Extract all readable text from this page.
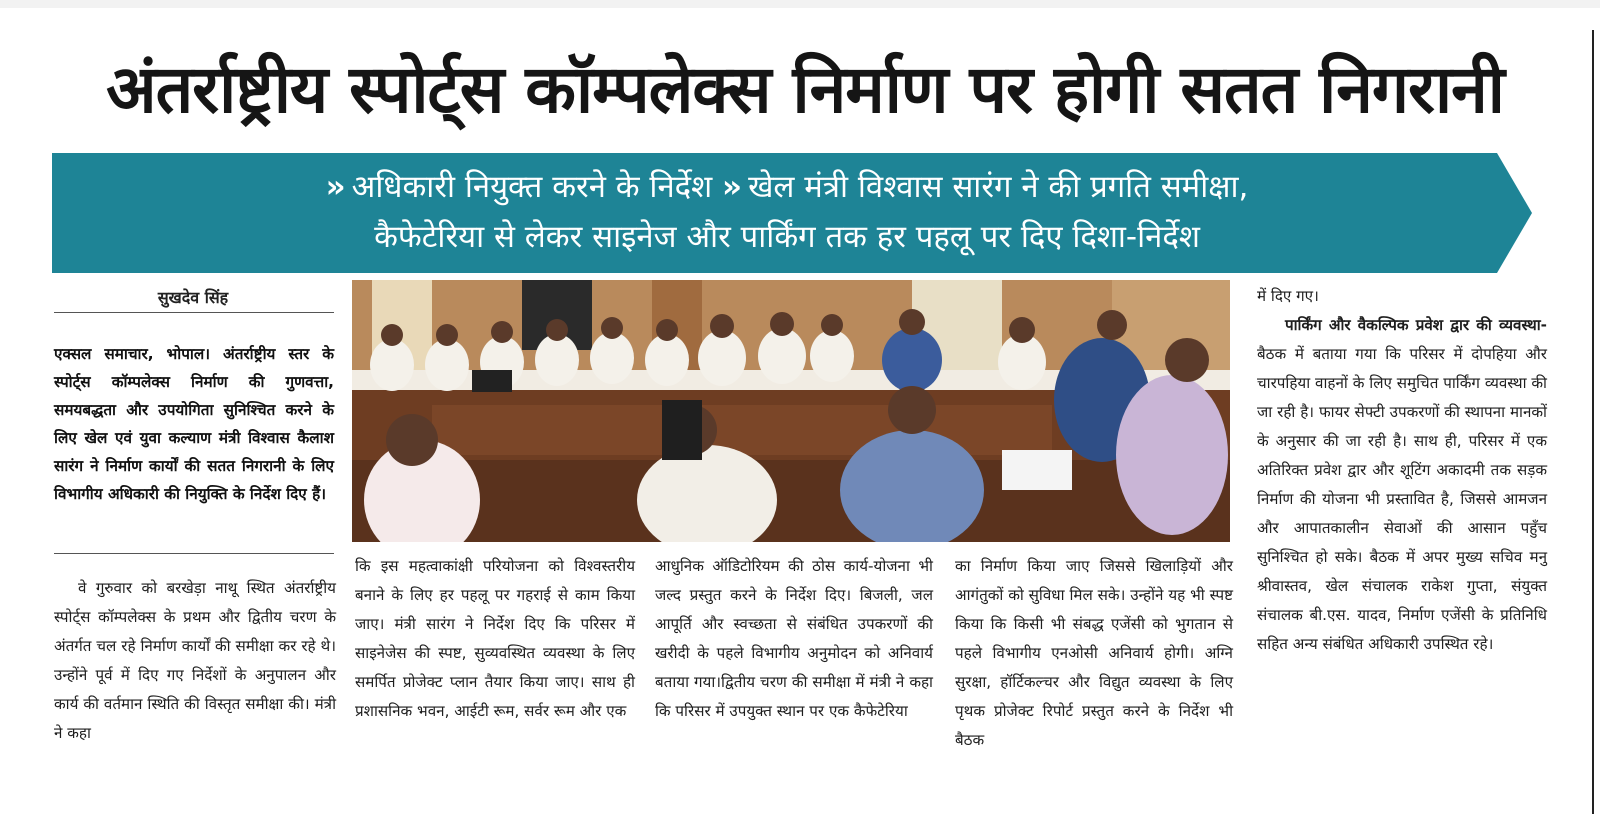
अंतर्राष्ट्रीय स्पोर्ट्स कॉम्पलेक्स निर्माण पर होगी सतत निगरानी
» अधिकारी नियुक्त करने के निर्देश » खेल मंत्री विश्वास सारंग ने की प्रगति समीक्षा,
कैफेटेरिया से लेकर साइनेज और पार्किंग तक हर पहलू पर दिए दिशा-निर्देश
सुखदेव सिंह
एक्सल समाचार, भोपाल। अंतर्राष्ट्रीय स्तर के स्पोर्ट्स कॉम्पलेक्स निर्माण की गुणवत्ता, समयबद्धता और उपयोगिता सुनिश्चित करने के लिए खेल एवं युवा कल्याण मंत्री विश्वास कैलाश सारंग ने निर्माण कार्यों की सतत निगरानी के लिए विभागीय अधिकारी की नियुक्ति के निर्देश दिए हैं।
वे गुरुवार को बरखेड़ा नाथू स्थित अंतर्राष्ट्रीय स्पोर्ट्स कॉम्पलेक्स के प्रथम और द्वितीय चरण के अंतर्गत चल रहे निर्माण कार्यों की समीक्षा कर रहे थे। उन्होंने पूर्व में दिए गए निर्देशों के अनुपालन और कार्य की वर्तमान स्थिति की विस्तृत समीक्षा की। मंत्री ने कहा
कि इस महत्वाकांक्षी परियोजना को विश्वस्तरीय बनाने के लिए हर पहलू पर गहराई से काम किया जाए। मंत्री सारंग ने निर्देश दिए कि परिसर में साइनेजेस की स्पष्ट, सुव्यवस्थित व्यवस्था के लिए समर्पित प्रोजेक्ट प्लान तैयार किया जाए। साथ ही प्रशासनिक भवन, आईटी रूम, सर्वर रूम और एक
आधुनिक ऑडिटोरियम की ठोस कार्य-योजना भी जल्द प्रस्तुत करने के निर्देश दिए। बिजली, जल आपूर्ति और स्वच्छता से संबंधित उपकरणों की खरीदी के पहले विभागीय अनुमोदन को अनिवार्य बताया गया।द्वितीय चरण की समीक्षा में मंत्री ने कहा कि परिसर में उपयुक्त स्थान पर एक कैफेटेरिया
का निर्माण किया जाए जिससे खिलाड़ियों और आगंतुकों को सुविधा मिल सके। उन्होंने यह भी स्पष्ट किया कि किसी भी संबद्ध एजेंसी को भुगतान से पहले विभागीय एनओसी अनिवार्य होगी। अग्नि सुरक्षा, हॉर्टिकल्चर और विद्युत व्यवस्था के लिए पृथक प्रोजेक्ट रिपोर्ट प्रस्तुत करने के निर्देश भी बैठक

में दिए गए।

पार्किंग और वैकल्पिक प्रवेश द्वार की व्यवस्था- बैठक में बताया गया कि परिसर में दोपहिया और चारपहिया वाहनों के लिए समुचित पार्किंग व्यवस्था की जा रही है। फायर सेफ्टी उपकरणों की स्थापना मानकों के अनुसार की जा रही है। साथ ही, परिसर में एक अतिरिक्त प्रवेश द्वार और शूटिंग अकादमी तक सड़क निर्माण की योजना भी प्रस्तावित है, जिससे आमजन और आपातकालीन सेवाओं की आसान पहुँच सुनिश्चित हो सके। बैठक में अपर मुख्य सचिव मनु श्रीवास्तव, खेल संचालक राकेश गुप्ता, संयुक्त संचालक बी.एस. यादव, निर्माण एजेंसी के प्रतिनिधि सहित अन्य संबंधित अधिकारी उपस्थित रहे।
